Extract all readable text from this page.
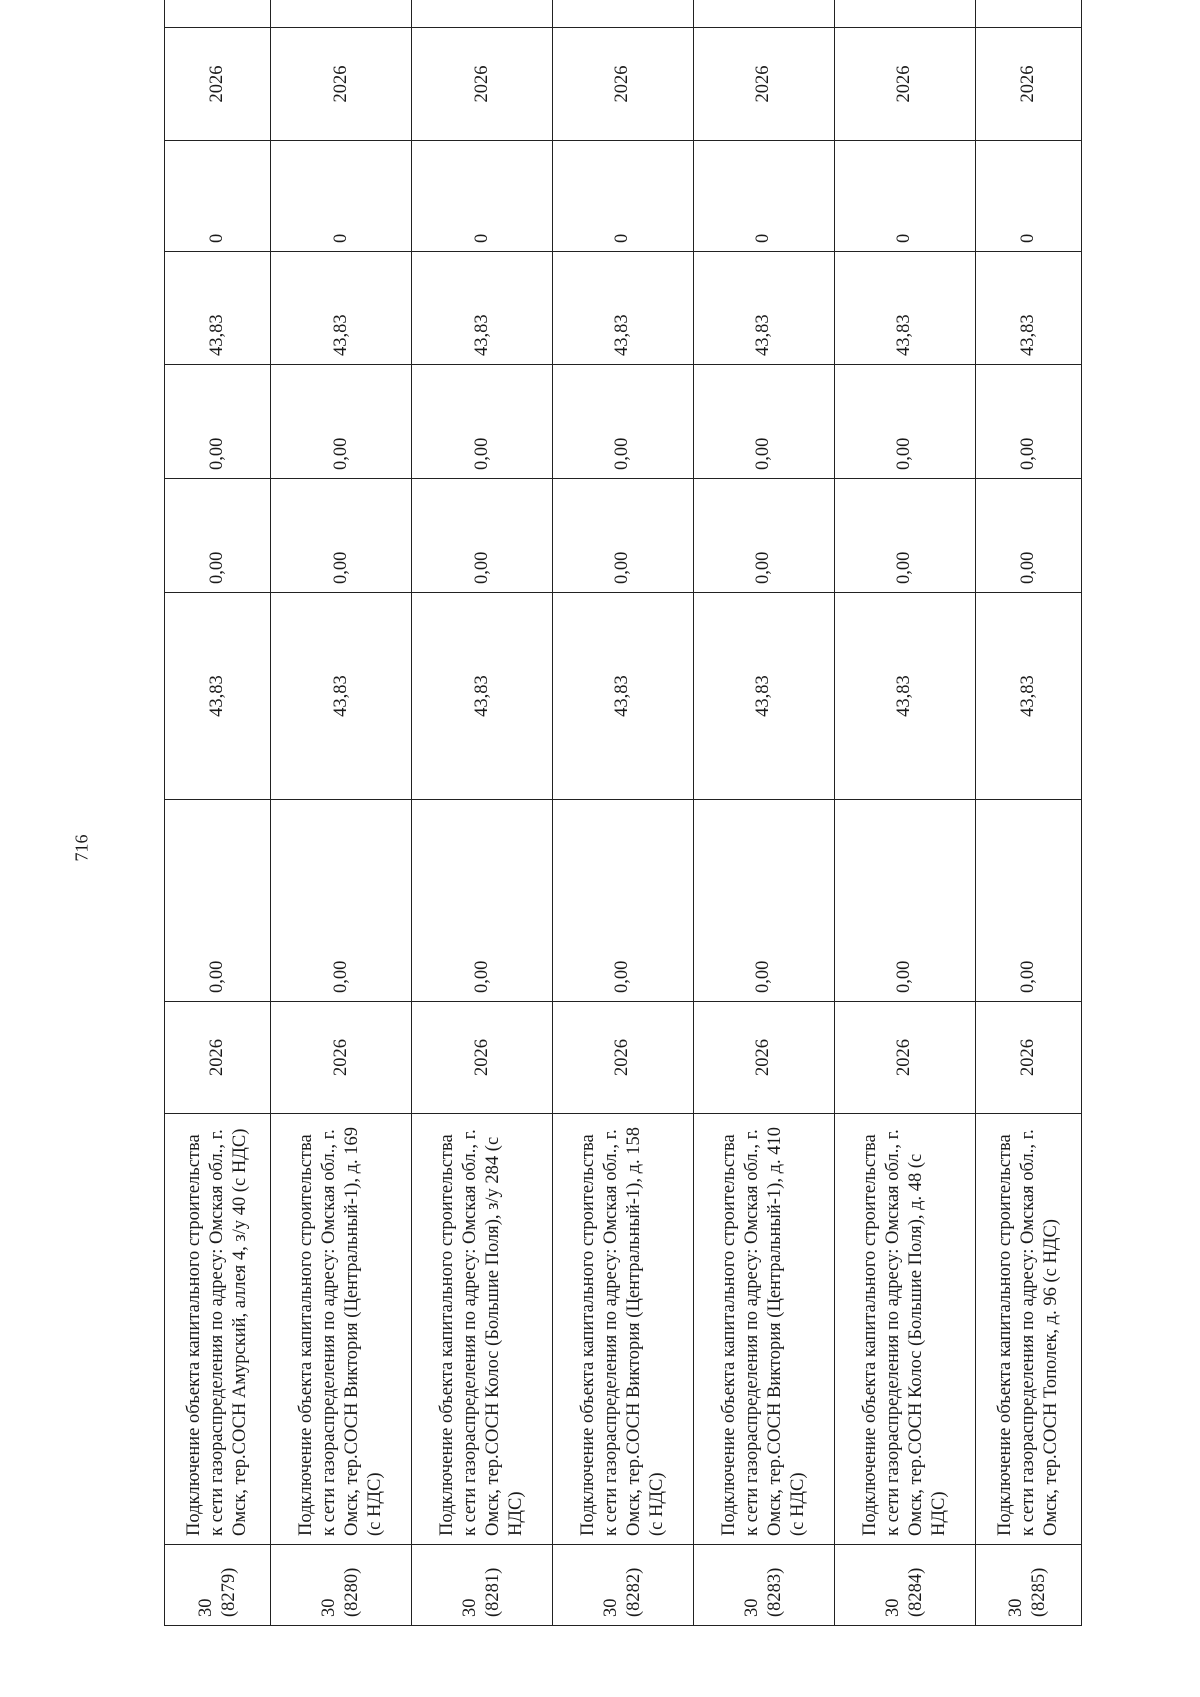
716
30 (8279)	Подключение объекта капитального строительства к сети газораспределения по адресу: Омская обл., г. Омск, тер.СОСН Амурский, аллея 4, з/у 40 (с НДС)	2026	0,00	43,83	0,00	0,00	43,83	0	2026	

30 (8280)	Подключение объекта капитального строительства к сети газораспределения по адресу: Омская обл., г. Омск, тер.СОСН Виктория (Центральный-1), д. 169 (с НДС)	2026	0,00	43,83	0,00	0,00	43,83	0	2026	

30 (8281)	Подключение объекта капитального строительства к сети газораспределения по адресу: Омская обл., г. Омск, тер.СОСН Колос (Большие Поля), з/у 284 (с НДС)	2026	0,00	43,83	0,00	0,00	43,83	0	2026	

30 (8282)	Подключение объекта капитального строительства к сети газораспределения по адресу: Омская обл., г. Омск, тер.СОСН Виктория (Центральный-1), д. 158 (с НДС)	2026	0,00	43,83	0,00	0,00	43,83	0	2026	

30 (8283)	Подключение объекта капитального строительства к сети газораспределения по адресу: Омская обл., г. Омск, тер.СОСН Виктория (Центральный-1), д. 410 (с НДС)	2026	0,00	43,83	0,00	0,00	43,83	0	2026	

30 (8284)	Подключение объекта капитального строительства к сети газораспределения по адресу: Омская обл., г. Омск, тер.СОСН Колос (Большие Поля), д. 48 (с НДС)	2026	0,00	43,83	0,00	0,00	43,83	0	2026	

30 (8285)	Подключение объекта капитального строительства к сети газораспределения по адресу: Омская обл., г. Омск, тер.СОСН Тополек, д. 96 (с НДС)	2026	0,00	43,83	0,00	0,00	43,83	0	2026	
